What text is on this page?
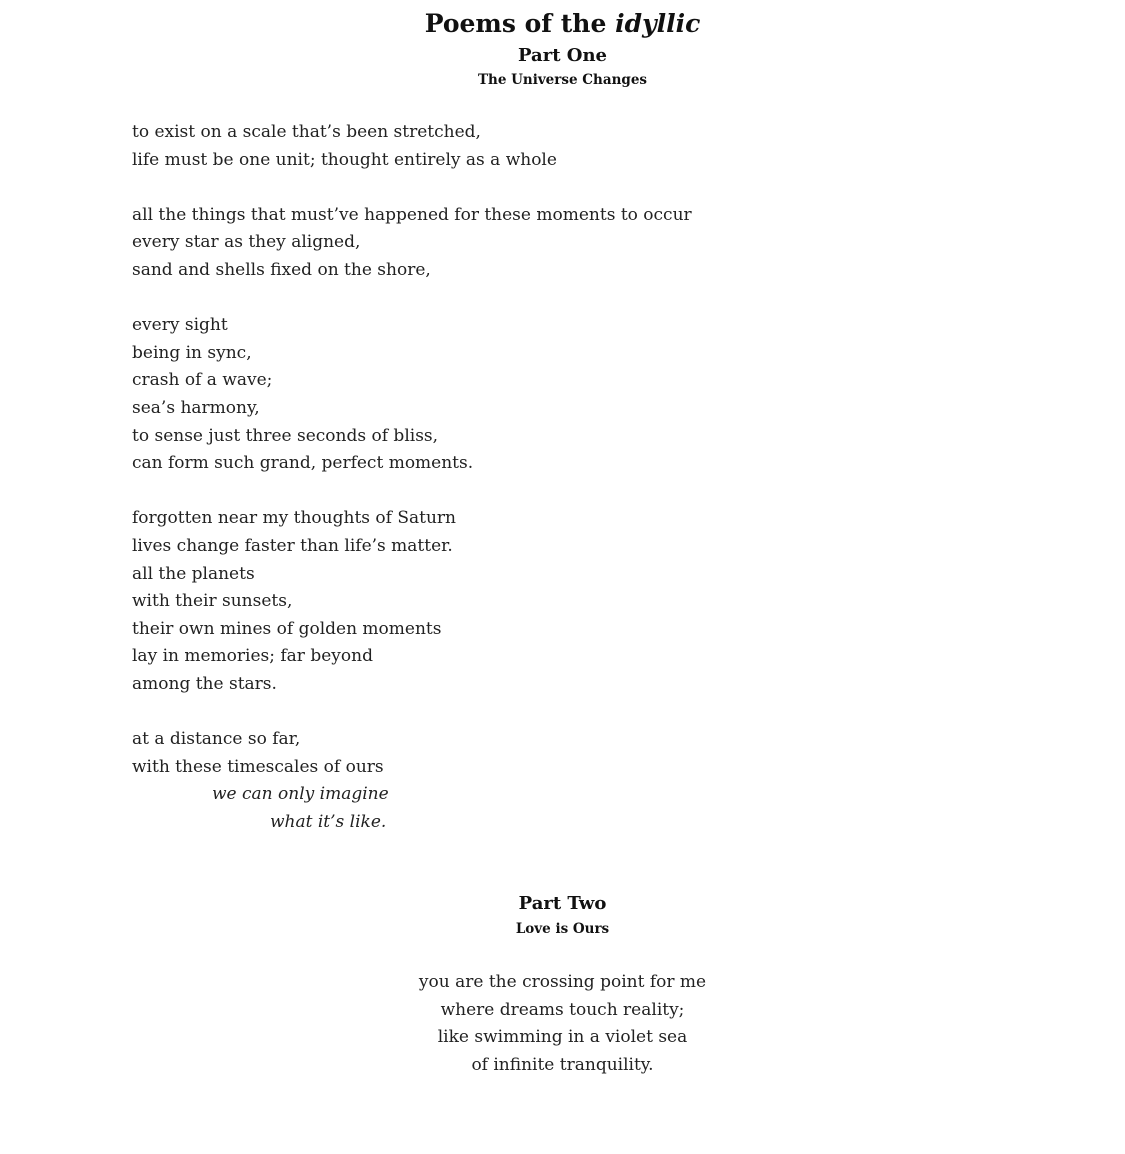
Poems of the idyllic
Part One
The Universe Changes
to exist on a scale that’s been stretched,
life must be one unit; thought entirely as a whole
all the things that must’ve happened for these moments to occur
every star as they aligned,
sand and shells fixed on the shore,
every sight
being in sync,
crash of a wave;
sea’s harmony,
to sense just three seconds of bliss,
can form such grand, perfect moments.
forgotten near my thoughts of Saturn
lives change faster than life’s matter.
all the planets
with their sunsets,
their own mines of golden moments
lay in memories; far beyond
among the stars.
at a distance so far,
with these timescales of ours
we can only imagine
what it’s like.
Part Two
Love is Ours
you are the crossing point for me
where dreams touch reality;
like swimming in a violet sea
of infinite tranquility.
